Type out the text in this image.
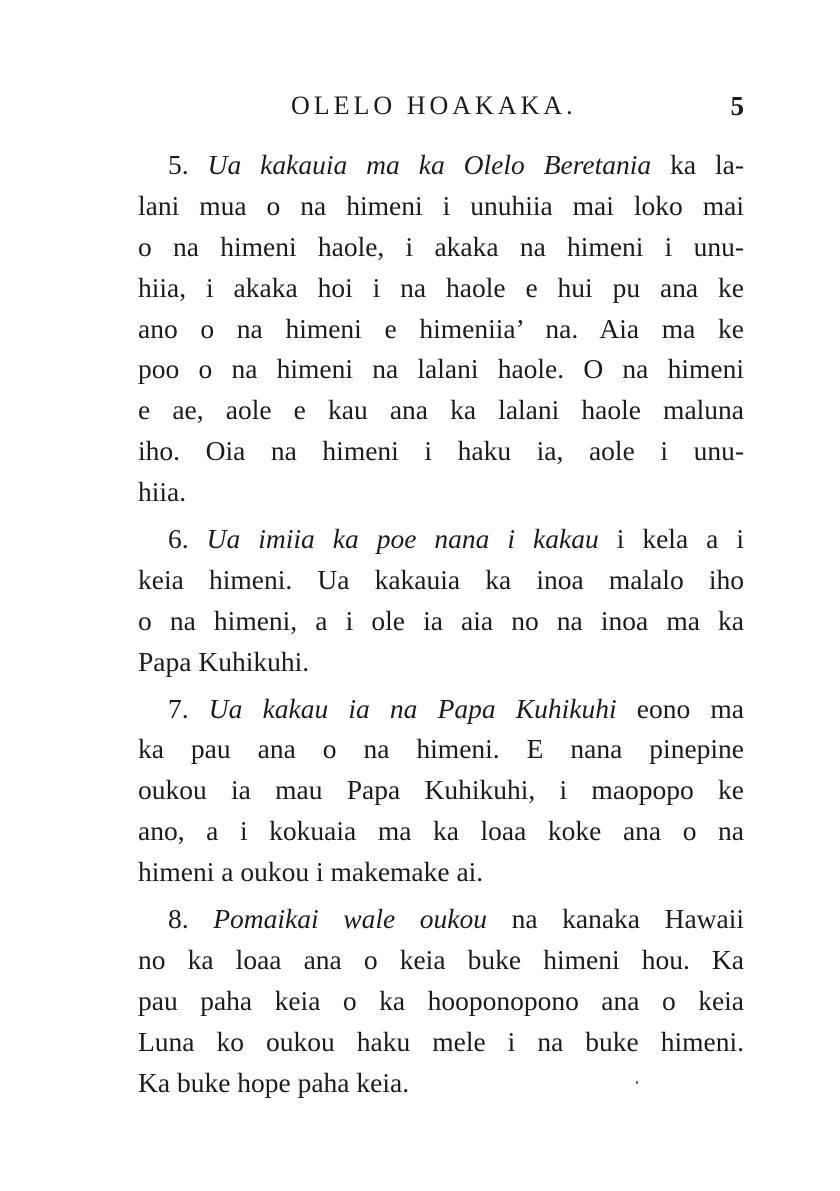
OLELO HOAKAKA.	5
5. Ua kakauia ma ka Olelo Beretania ka la-
lani mua o na himeni i unuhiia mai loko mai
o na himeni haole, i akaka na himeni i unu-
hiia, i akaka hoi i na haole e hui pu ana ke
ano o na himeni e himeniia’ na. Aia ma ke
poo o na himeni na lalani haole. O na himeni
e ae, aole e kau ana ka lalani haole maluna
iho. Oia na himeni i haku ia, aole i unu-
hiia.
6. Ua imiia ka poe nana i kakau i kela a i
keia himeni. Ua kakauia ka inoa malalo iho
o na himeni, a i ole ia aia no na inoa ma ka
Papa Kuhikuhi.
7. Ua kakau ia na Papa Kuhikuhi eono ma
ka pau ana o na himeni. E nana pinepine
oukou ia mau Papa Kuhikuhi, i maopopo ke
ano, a i kokuaia ma ka loaa koke ana o na
himeni a oukou i makemake ai.
8. Pomaikai wale oukou na kanaka Hawaii
no ka loaa ana o keia buke himeni hou. Ka
pau paha keia o ka hooponopono ana o keia
Luna ko oukou haku mele i na buke himeni.
Ka buke hope paha keia.
